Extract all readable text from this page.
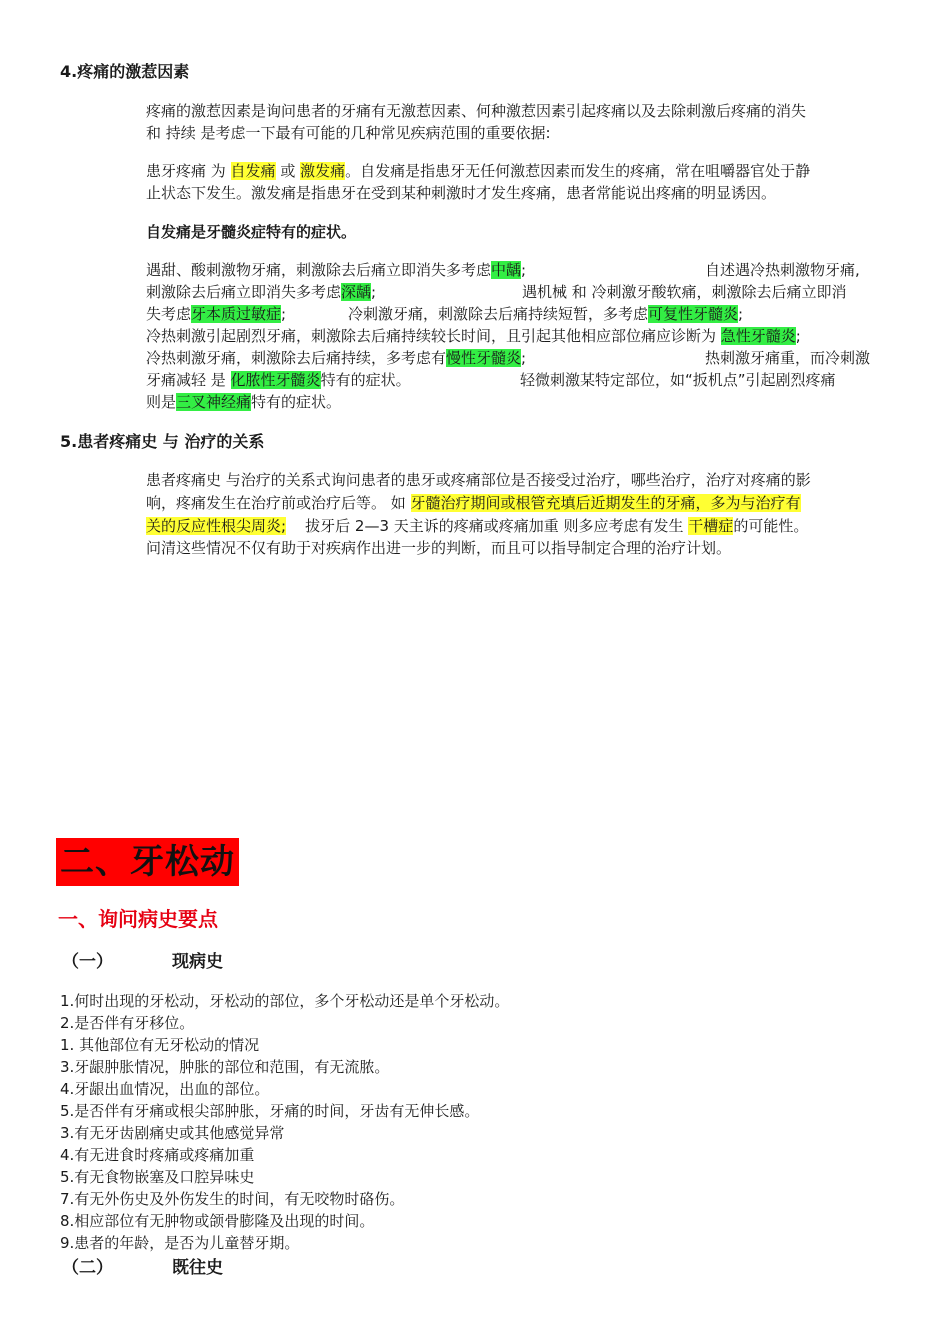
4.疼痛的激惹因素
疼痛的激惹因素是询问患者的牙痛有无激惹因素、何种激惹因素引起疼痛以及去除刺激后疼痛的消失
和 持续 是考虑一下最有可能的几种常见疾病范围的重要依据:
患牙疼痛 为 自发痛 或 激发痛。自发痛是指患牙无任何激惹因素而发生的疼痛，常在咀嚼器官处于静
止状态下发生。激发痛是指患牙在受到某种刺激时才发生疼痛，患者常能说出疼痛的明显诱因。
自发痛是牙髓炎症特有的症状。
遇甜、酸刺激物牙痛，刺激除去后痛立即消失多考虑中龋;	自述遇冷热刺激物牙痛,
刺激除去后痛立即消失多考虑深龋;	遇机械 和 冷刺激牙酸软痛，刺激除去后痛立即消
失考虑牙本质过敏症;	冷刺激牙痛，刺激除去后痛持续短暂，多考虑可复性牙髓炎;
冷热刺激引起剧烈牙痛，刺激除去后痛持续较长时间，且引起其他相应部位痛应诊断为 急性牙髓炎;
冷热刺激牙痛，刺激除去后痛持续，多考虑有慢性牙髓炎;	热刺激牙痛重，而冷刺激
牙痛减轻 是 化脓性牙髓炎特有的症状。	轻微刺激某特定部位，如“扳机点”引起剧烈疼痛
则是三叉神经痛特有的症状。
5.患者疼痛史 与 治疗的关系
患者疼痛史 与治疗的关系式询问患者的患牙或疼痛部位是否接受过治疗，哪些治疗，治疗对疼痛的影
响，疼痛发生在治疗前或治疗后等。 如 牙髓治疗期间或根管充填后近期发生的牙痛，多为与治疗有
关的反应性根尖周炎;    拔牙后 2—3 天主诉的疼痛或疼痛加重 则多应考虑有发生 干槽症的可能性。
问清这些情况不仅有助于对疾病作出进一步的判断，而且可以指导制定合理的治疗计划。
二、牙松动
一、询问病史要点
（一）	现病史
1.何时出现的牙松动，牙松动的部位，多个牙松动还是单个牙松动。
2.是否伴有牙移位。
1. 其他部位有无牙松动的情况
3.牙龈肿胀情况，肿胀的部位和范围，有无流脓。
4.牙龈出血情况，出血的部位。
5.是否伴有牙痛或根尖部肿胀，牙痛的时间，牙齿有无伸长感。
3.有无牙齿剧痛史或其他感觉异常
4.有无进食时疼痛或疼痛加重
5.有无食物嵌塞及口腔异味史
7.有无外伤史及外伤发生的时间，有无咬物时硌伤。
8.相应部位有无肿物或颌骨膨隆及出现的时间。
9.患者的年龄，是否为儿童替牙期。
（二）	既往史
